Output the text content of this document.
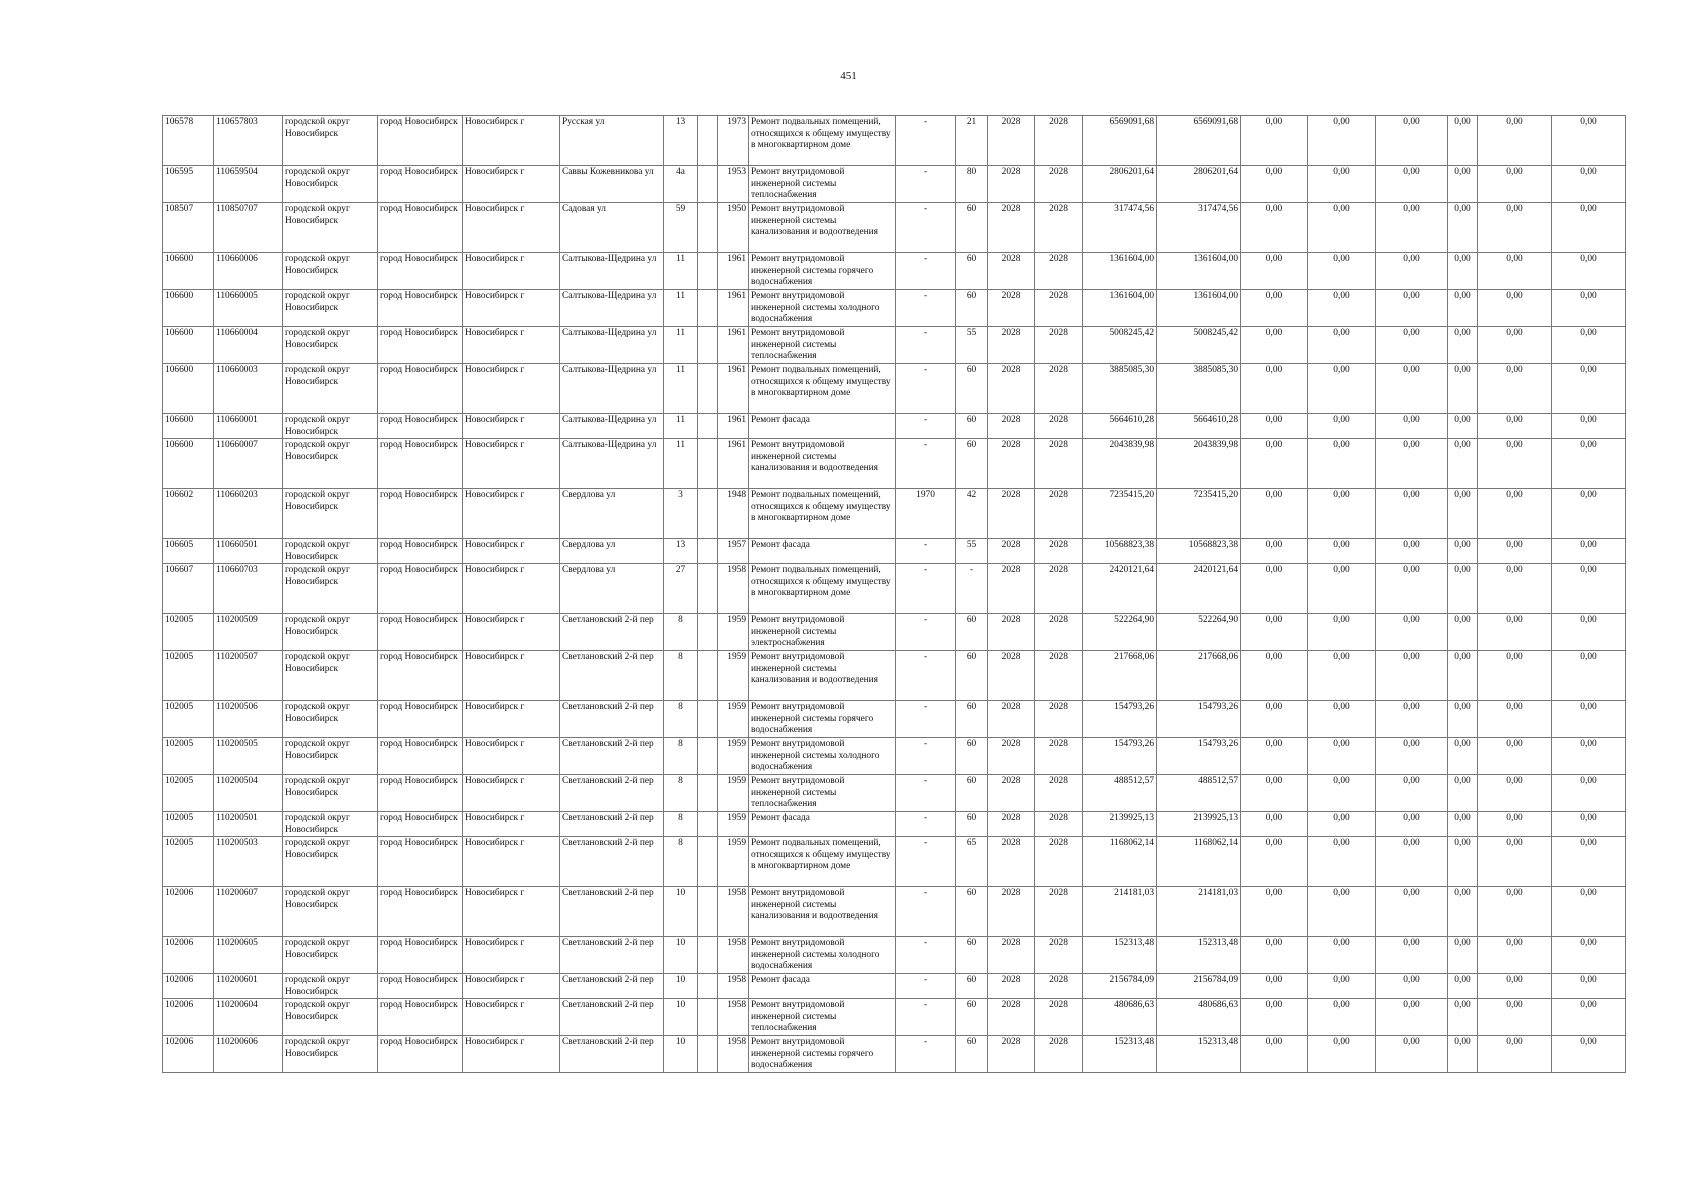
451
106578	110657803	городской округ Новосибирск	город Новосибирск	Новосибирск г	Русская ул	13		1973	Ремонт подвальных помещений, относящихся к общему имуществу в многоквартирном доме	-	21	2028	2028	6569091,68	6569091,68	0,00	0,00	0,00	0,00	0,00	0,00
106595	110659504	городской округ Новосибирск	город Новосибирск	Новосибирск г	Саввы Кожевникова ул	4а		1953	Ремонт внутридомовой инженерной системы теплоснабжения	-	80	2028	2028	2806201,64	2806201,64	0,00	0,00	0,00	0,00	0,00	0,00
108507	110850707	городской округ Новосибирск	город Новосибирск	Новосибирск г	Садовая ул	59		1950	Ремонт внутридомовой инженерной системы канализования и водоотведения	-	60	2028	2028	317474,56	317474,56	0,00	0,00	0,00	0,00	0,00	0,00
106600	110660006	городской округ Новосибирск	город Новосибирск	Новосибирск г	Салтыкова-Щедрина ул	11		1961	Ремонт внутридомовой инженерной системы горячего водоснабжения	-	60	2028	2028	1361604,00	1361604,00	0,00	0,00	0,00	0,00	0,00	0,00
106600	110660005	городской округ Новосибирск	город Новосибирск	Новосибирск г	Салтыкова-Щедрина ул	11		1961	Ремонт внутридомовой инженерной системы холодного водоснабжения	-	60	2028	2028	1361604,00	1361604,00	0,00	0,00	0,00	0,00	0,00	0,00
106600	110660004	городской округ Новосибирск	город Новосибирск	Новосибирск г	Салтыкова-Щедрина ул	11		1961	Ремонт внутридомовой инженерной системы теплоснабжения	-	55	2028	2028	5008245,42	5008245,42	0,00	0,00	0,00	0,00	0,00	0,00
106600	110660003	городской округ Новосибирск	город Новосибирск	Новосибирск г	Салтыкова-Щедрина ул	11		1961	Ремонт подвальных помещений, относящихся к общему имуществу в многоквартирном доме	-	60	2028	2028	3885085,30	3885085,30	0,00	0,00	0,00	0,00	0,00	0,00
106600	110660001	городской округ Новосибирск	город Новосибирск	Новосибирск г	Салтыкова-Щедрина ул	11		1961	Ремонт фасада	-	60	2028	2028	5664610,28	5664610,28	0,00	0,00	0,00	0,00	0,00	0,00
106600	110660007	городской округ Новосибирск	город Новосибирск	Новосибирск г	Салтыкова-Щедрина ул	11		1961	Ремонт внутридомовой инженерной системы канализования и водоотведения	-	60	2028	2028	2043839,98	2043839,98	0,00	0,00	0,00	0,00	0,00	0,00
106602	110660203	городской округ Новосибирск	город Новосибирск	Новосибирск г	Свердлова ул	3		1948	Ремонт подвальных помещений, относящихся к общему имуществу в многоквартирном доме	1970	42	2028	2028	7235415,20	7235415,20	0,00	0,00	0,00	0,00	0,00	0,00
106605	110660501	городской округ Новосибирск	город Новосибирск	Новосибирск г	Свердлова ул	13		1957	Ремонт фасада	-	55	2028	2028	10568823,38	10568823,38	0,00	0,00	0,00	0,00	0,00	0,00
106607	110660703	городской округ Новосибирск	город Новосибирск	Новосибирск г	Свердлова ул	27		1958	Ремонт подвальных помещений, относящихся к общему имуществу в многоквартирном доме	-	-	2028	2028	2420121,64	2420121,64	0,00	0,00	0,00	0,00	0,00	0,00
102005	110200509	городской округ Новосибирск	город Новосибирск	Новосибирск г	Светлановский 2-й пер	8		1959	Ремонт внутридомовой инженерной системы электроснабжения	-	60	2028	2028	522264,90	522264,90	0,00	0,00	0,00	0,00	0,00	0,00
102005	110200507	городской округ Новосибирск	город Новосибирск	Новосибирск г	Светлановский 2-й пер	8		1959	Ремонт внутридомовой инженерной системы канализования и водоотведения	-	60	2028	2028	217668,06	217668,06	0,00	0,00	0,00	0,00	0,00	0,00
102005	110200506	городской округ Новосибирск	город Новосибирск	Новосибирск г	Светлановский 2-й пер	8		1959	Ремонт внутридомовой инженерной системы горячего водоснабжения	-	60	2028	2028	154793,26	154793,26	0,00	0,00	0,00	0,00	0,00	0,00
102005	110200505	городской округ Новосибирск	город Новосибирск	Новосибирск г	Светлановский 2-й пер	8		1959	Ремонт внутридомовой инженерной системы холодного водоснабжения	-	60	2028	2028	154793,26	154793,26	0,00	0,00	0,00	0,00	0,00	0,00
102005	110200504	городской округ Новосибирск	город Новосибирск	Новосибирск г	Светлановский 2-й пер	8		1959	Ремонт внутридомовой инженерной системы теплоснабжения	-	60	2028	2028	488512,57	488512,57	0,00	0,00	0,00	0,00	0,00	0,00
102005	110200501	городской округ Новосибирск	город Новосибирск	Новосибирск г	Светлановский 2-й пер	8		1959	Ремонт фасада	-	60	2028	2028	2139925,13	2139925,13	0,00	0,00	0,00	0,00	0,00	0,00
102005	110200503	городской округ Новосибирск	город Новосибирск	Новосибирск г	Светлановский 2-й пер	8		1959	Ремонт подвальных помещений, относящихся к общему имуществу в многоквартирном доме	-	65	2028	2028	1168062,14	1168062,14	0,00	0,00	0,00	0,00	0,00	0,00
102006	110200607	городской округ Новосибирск	город Новосибирск	Новосибирск г	Светлановский 2-й пер	10		1958	Ремонт внутридомовой инженерной системы канализования и водоотведения	-	60	2028	2028	214181,03	214181,03	0,00	0,00	0,00	0,00	0,00	0,00
102006	110200605	городской округ Новосибирск	город Новосибирск	Новосибирск г	Светлановский 2-й пер	10		1958	Ремонт внутридомовой инженерной системы холодного водоснабжения	-	60	2028	2028	152313,48	152313,48	0,00	0,00	0,00	0,00	0,00	0,00
102006	110200601	городской округ Новосибирск	город Новосибирск	Новосибирск г	Светлановский 2-й пер	10		1958	Ремонт фасада	-	60	2028	2028	2156784,09	2156784,09	0,00	0,00	0,00	0,00	0,00	0,00
102006	110200604	городской округ Новосибирск	город Новосибирск	Новосибирск г	Светлановский 2-й пер	10		1958	Ремонт внутридомовой инженерной системы теплоснабжения	-	60	2028	2028	480686,63	480686,63	0,00	0,00	0,00	0,00	0,00	0,00
102006	110200606	городской округ Новосибирск	город Новосибирск	Новосибирск г	Светлановский 2-й пер	10		1958	Ремонт внутридомовой инженерной системы горячего водоснабжения	-	60	2028	2028	152313,48	152313,48	0,00	0,00	0,00	0,00	0,00	0,00
